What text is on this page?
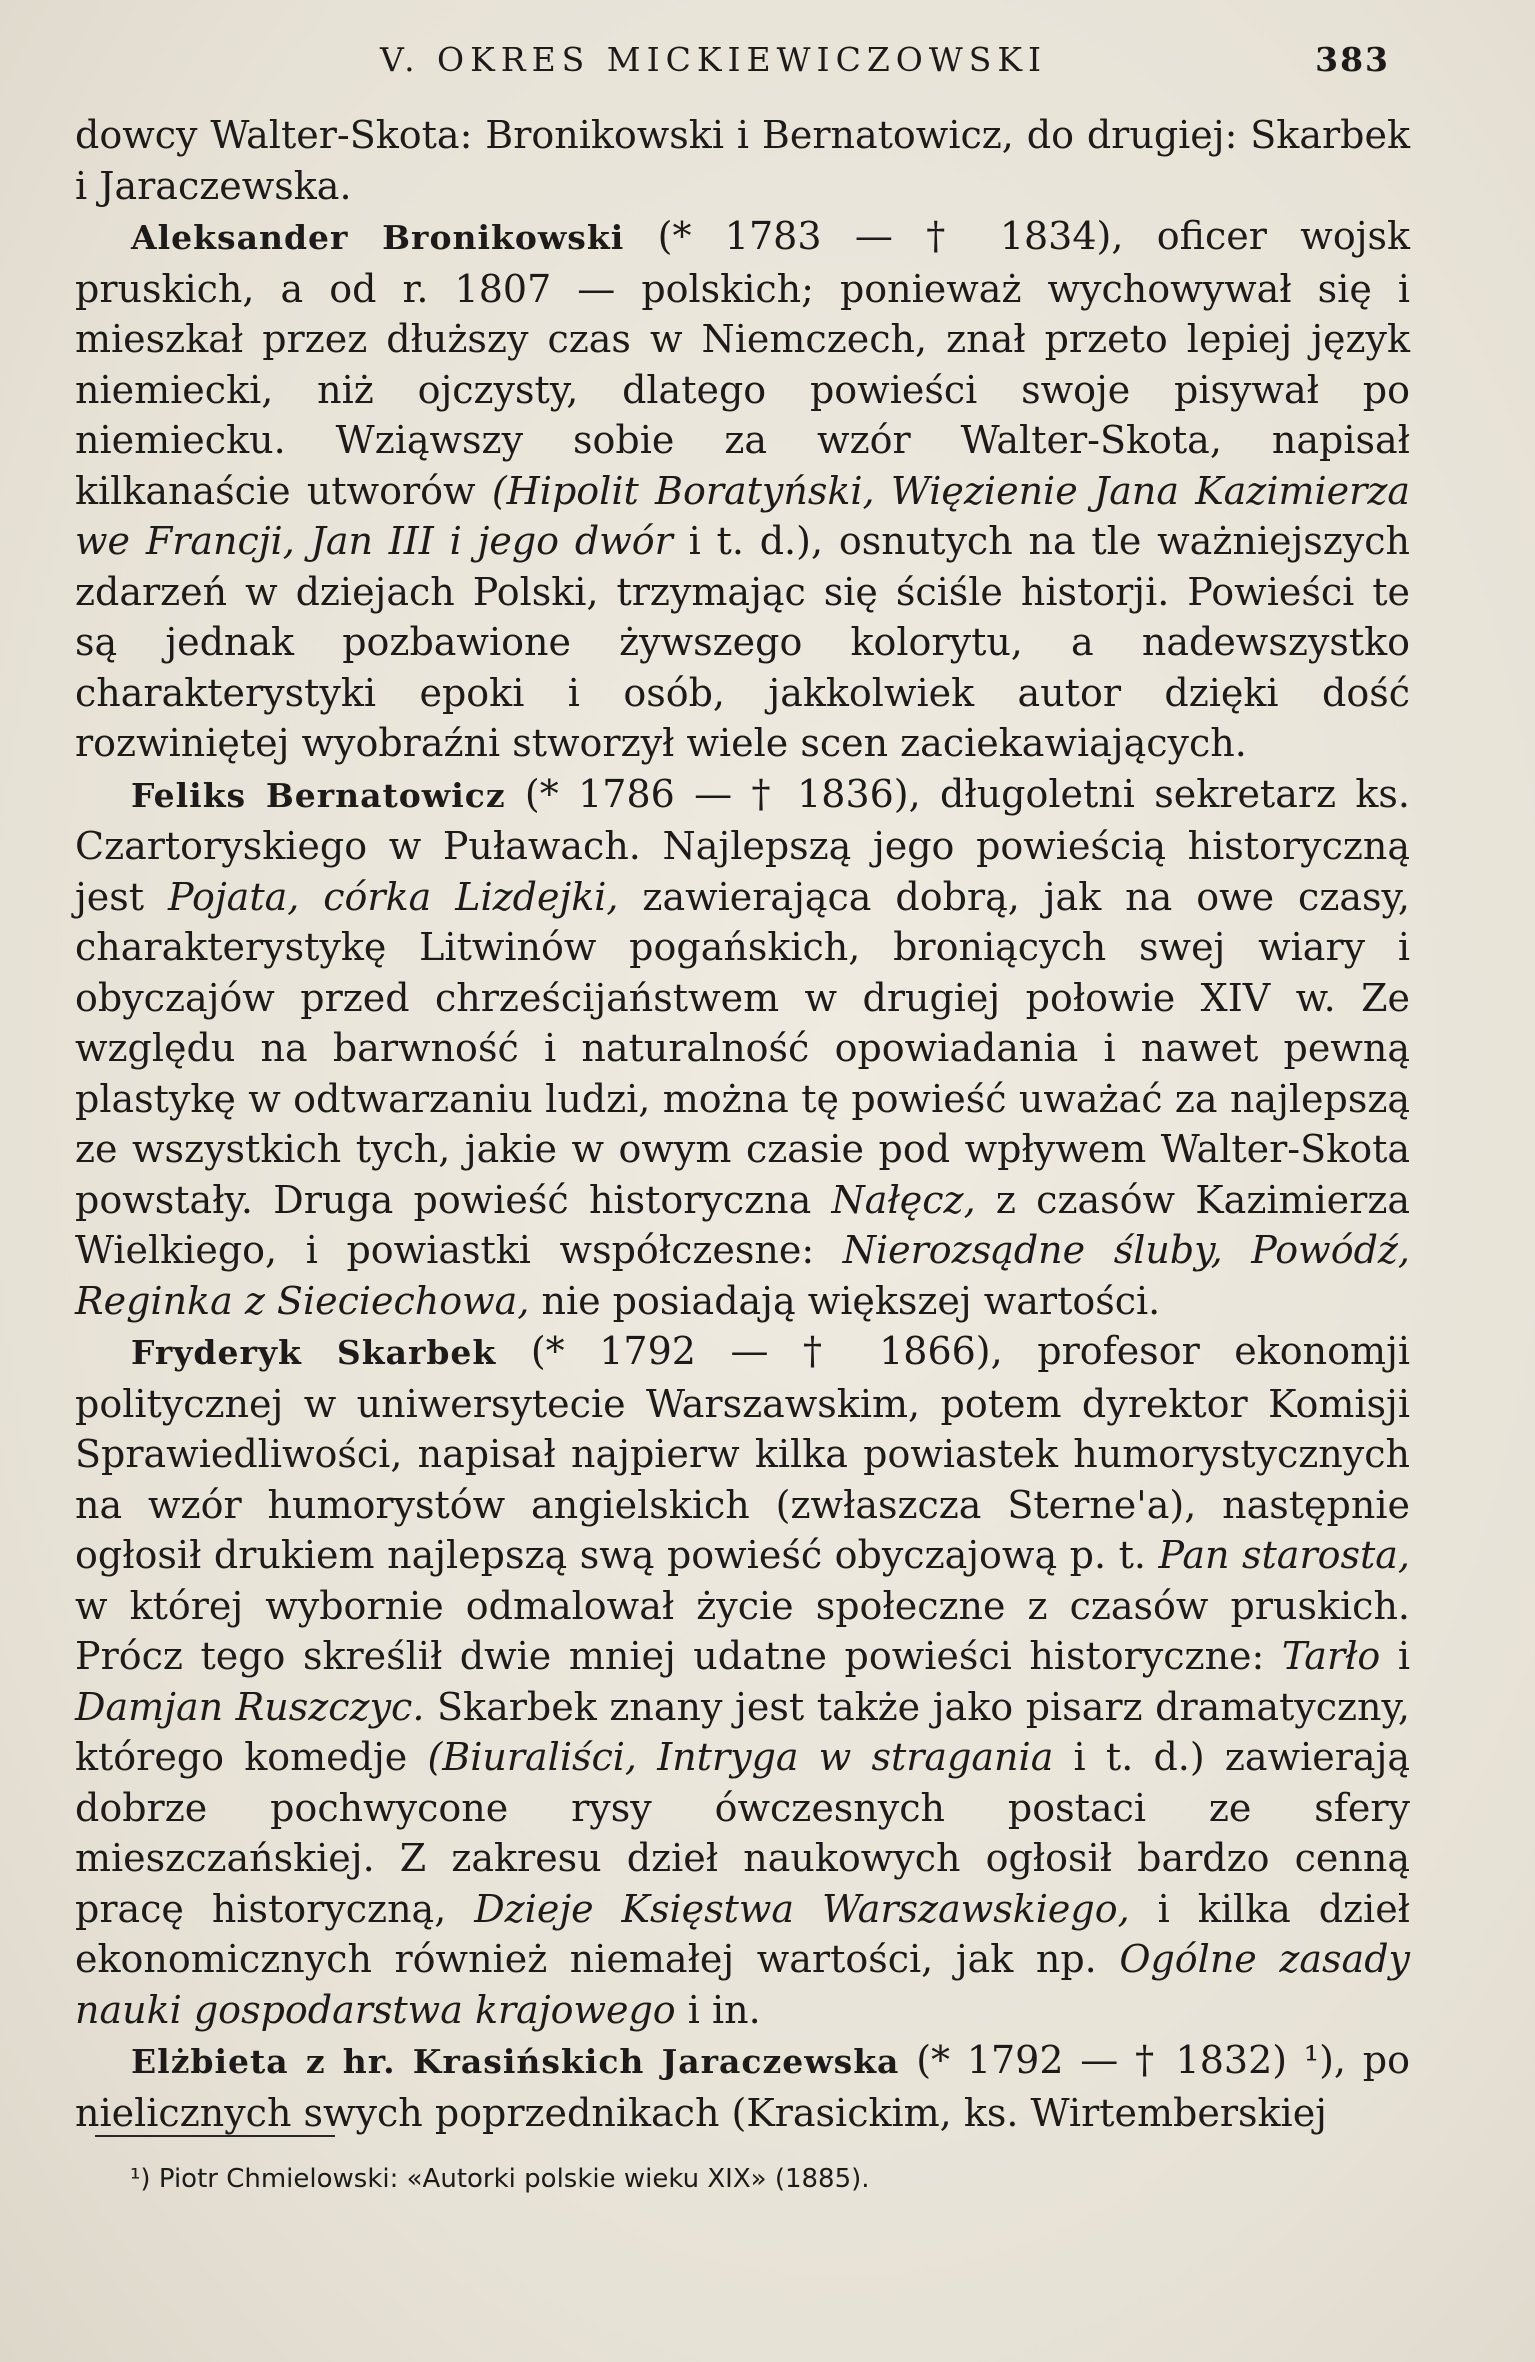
V. OKRES MICKIEWICZOWSKI	383

dowcy Walter-Skota: Bronikowski i Bernatowicz, do drugiej: Skarbek i Jaraczewska.

Aleksander Bronikowski (* 1783 — † 1834), oficer wojsk pruskich, a od r. 1807 — polskich; ponieważ wychowywał się i mieszkał przez dłuższy czas w Niemczech, znał przeto lepiej język niemiecki, niż ojczysty, dlatego powieści swoje pisywał po niemiecku. Wziąwszy sobie za wzór Walter-Skota, napisał kilkanaście utworów (Hipolit Boratyński, Więzienie Jana Kazimierza we Francji, Jan III i jego dwór i t. d.), osnutych na tle ważniejszych zdarzeń w dziejach Polski, trzymając się ściśle historji. Powieści te są jednak pozbawione żywszego kolorytu, a nadewszystko charakterystyki epoki i osób, jakkolwiek autor dzięki dość rozwiniętej wyobraźni stworzył wiele scen zaciekawiających.

Feliks Bernatowicz (* 1786 — † 1836), długoletni sekretarz ks. Czartoryskiego w Puławach. Najlepszą jego powieścią historyczną jest Pojata, córka Lizdejki, zawierająca dobrą, jak na owe czasy, charakterystykę Litwinów pogańskich, broniących swej wiary i obyczajów przed chrześcijaństwem w drugiej połowie XIV w. Ze względu na barwność i naturalność opowiadania i nawet pewną plastykę w odtwarzaniu ludzi, można tę powieść uważać za najlepszą ze wszystkich tych, jakie w owym czasie pod wpływem Walter-Skota powstały. Druga powieść historyczna Nałęcz, z czasów Kazimierza Wielkiego, i powiastki współczesne: Nierozsądne śluby, Powódź, Reginka z Sieciechowa, nie posiadają większej wartości.

Fryderyk Skarbek (* 1792 — † 1866), profesor ekonomji politycznej w uniwersytecie Warszawskim, potem dyrektor Komisji Sprawiedliwości, napisał najpierw kilka powiastek humorystycznych na wzór humorystów angielskich (zwłaszcza Sterne'a), następnie ogłosił drukiem najlepszą swą powieść obyczajową p. t. Pan starosta, w której wybornie odmalował życie społeczne z czasów pruskich. Prócz tego skreślił dwie mniej udatne powieści historyczne: Tarło i Damjan Ruszczyc. Skarbek znany jest także jako pisarz dramatyczny, którego komedje (Biuraliści, Intryga w stragania i t. d.) zawierają dobrze pochwycone rysy ówczesnych postaci ze sfery mieszczańskiej. Z zakresu dzieł naukowych ogłosił bardzo cenną pracę historyczną, Dzieje Księstwa Warszawskiego, i kilka dzieł ekonomicznych również niemałej wartości, jak np. Ogólne zasady nauki gospodarstwa krajowego i in.

Elżbieta z hr. Krasińskich Jaraczewska (* 1792 — † 1832) ¹), po nielicznych swych poprzednikach (Krasickim, ks. Wirtemberskiej

¹) Piotr Chmielowski: «Autorki polskie wieku XIX» (1885).
